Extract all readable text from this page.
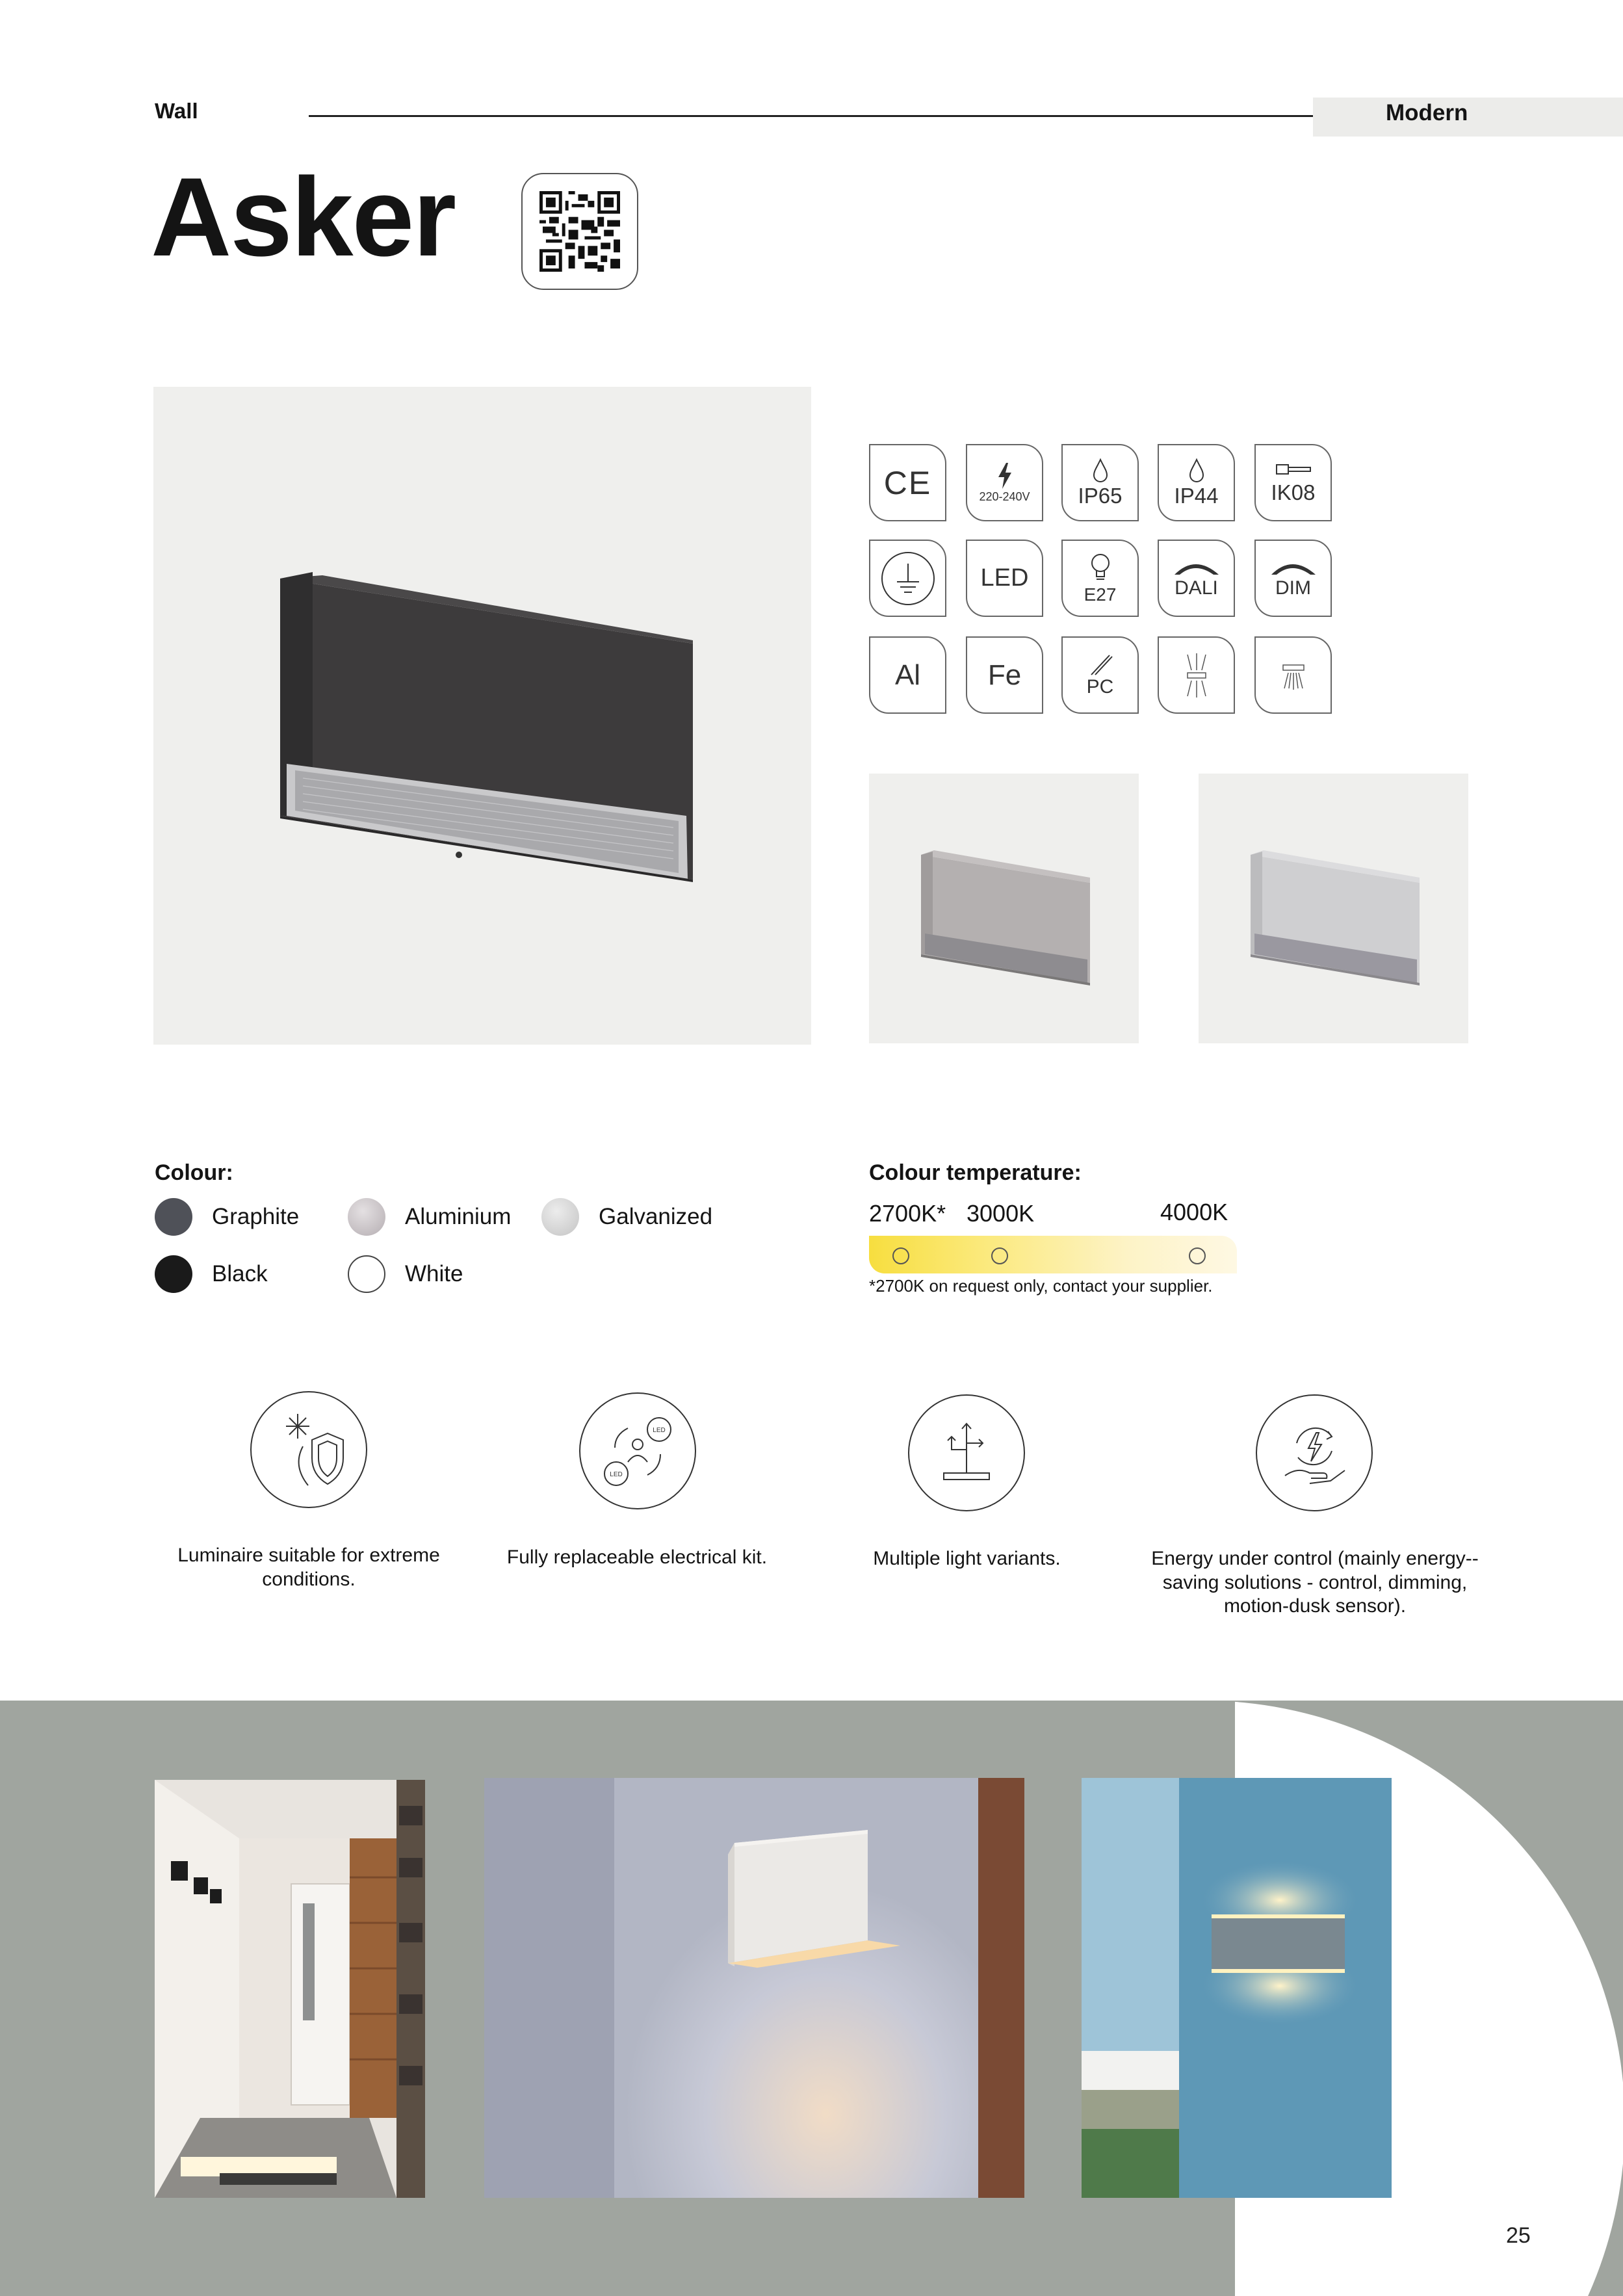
Wall	Modern
Asker
CE	220-240V IP65 IP44 IK08
LED
E27	DALI	DIM
Al Fe	PC
Colour:
Graphite	Aluminium	Galvanized
Black	White
Colour temperature:
2700K* 3000K	4000K
*2700K on request only, contact your supplier.
Luminaire suitable for extreme conditions.
LED
LED
Fully replaceable electrical kit.	Multiple light variants.	Energy under control (mainly energy--saving solutions - control, dimming, motion-dusk sensor).
25
